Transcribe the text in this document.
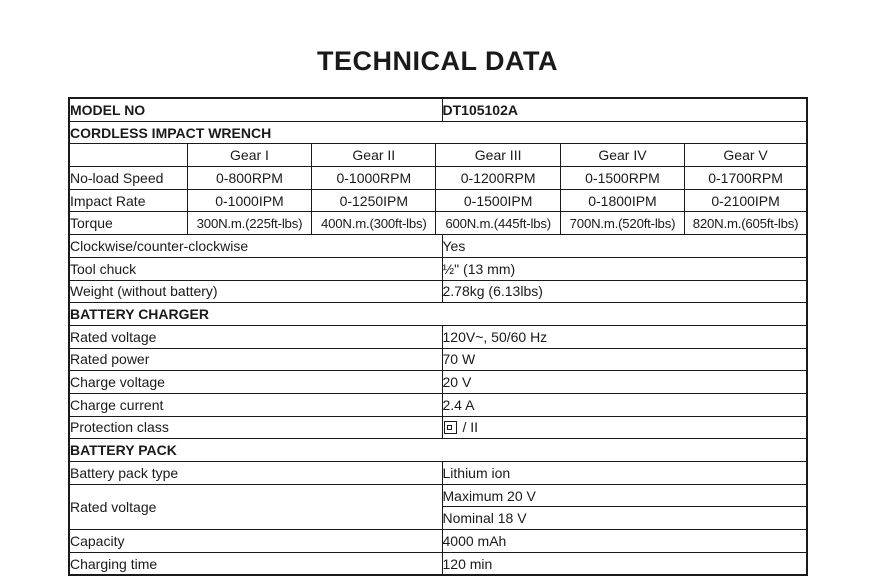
TECHNICAL DATA
MODEL NO				DT105102A		
CORDLESS IMPACT WRENCH						
	Gear I	Gear II	Gear III		Gear IV	Gear V
No-load Speed	0-800RPM	0-1000RPM	0-1200RPM		0-1500RPM	0-1700RPM
Impact Rate	0-1000IPM	0-1250IPM	0-1500IPM		0-1800IPM	0-2100IPM
Torque	300N.m.(225ft-lbs)	400N.m.(300ft-lbs)	600N.m.(445ft-lbs)		700N.m.(520ft-lbs)	820N.m.(605ft-lbs)
Clockwise/counter-clockwise				Yes		
Tool chuck				½" (13 mm)		
Weight (without battery)				2.78kg (6.13lbs)		
BATTERY CHARGER						
Rated voltage				120V~, 50/60 Hz		
Rated power				70 W		
Charge voltage				20 V		
Charge current				2.4 A		
Protection class				/ II		
BATTERY PACK						
Battery pack type				Lithium ion		
Rated voltage				Maximum 20 V		
				Nominal 18 V		
Capacity				4000 mAh		
Charging time				120 min		
